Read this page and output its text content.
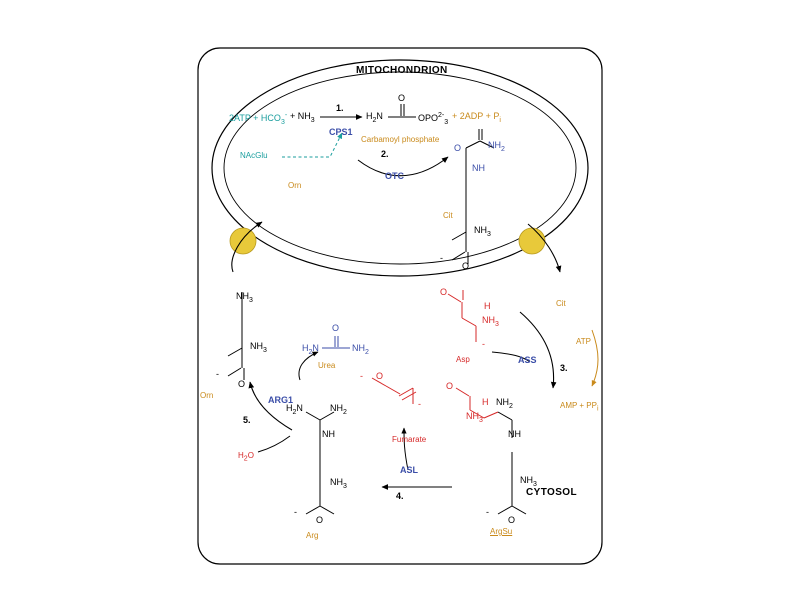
MITOCHONDRION
CYTOSOL
$2ATP + HCO_3^- + NH_3$
1.
CPS1
NAcGlu
$H_2N$
O
$OPO^{2-}_3$
+ $2ADP + P_i$
Carbamoyl phosphate
2.
OTC
O	$NH_2$
NH
$NH_3$
-
O
Cit
Orn
Cit
O
H
$NH_3$
-
Asp	ASS
3.
ATP
AMP + PPi
O
H
$NH_3$
$NH_2$
NH
$NH_3$
-
O
ArgSu
4.
ASL
- O
-
Fumarate
$H_2N$	$NH_2$
NH
$NH_3$
-
O
Arg
5.
ARG1
H2O
$H_2N$	$NH_2$
O
Urea
$NH_3$
$NH_3$
-
O
Orn
